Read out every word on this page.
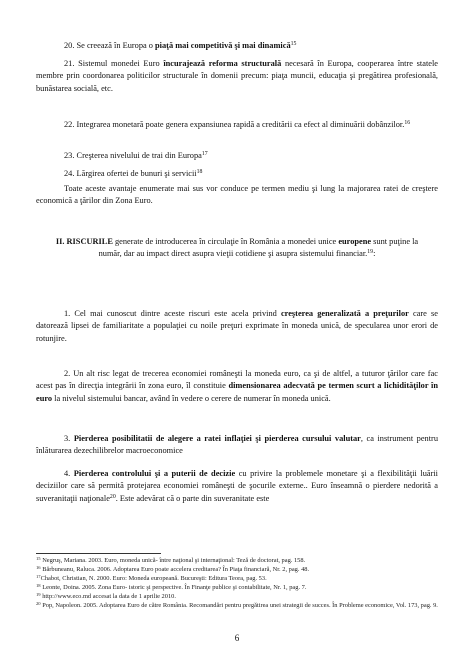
20. Se creează în Europa o piaţă mai competitivă şi mai dinamică$^{15}$
21. Sistemul monedei Euro încurajează reforma structurală necesară în Europa, cooperarea între statele membre prin coordonarea politicilor structurale în domenii precum: piaţa muncii, educaţia şi pregătirea profesională, bunăstarea socială, etc.
22. Integrarea monetară poate genera expansiunea rapidă a creditării ca efect al diminuării dobânzilor.$^{16}$
23. Creşterea nivelului de trai din Europa$^{17}$
24. Lărgirea ofertei de bunuri şi servicii$^{18}$
Toate aceste avantaje enumerate mai sus vor conduce pe termen mediu şi lung la majorarea ratei de creştere economică a ţărilor din Zona Euro.
II. RISCURILE generate de introducerea în circulaţie în România a monedei unice europene sunt puţine la număr, dar au impact direct asupra vieţii cotidiene şi asupra sistemului financiar.$^{19}$:
1. Cel mai cunoscut dintre aceste riscuri este acela privind creşterea generalizată a preţurilor care se datorează lipsei de familiaritate a populaţiei cu noile preţuri exprimate în moneda unică, de specularea unor erori de rotunjire.
2. Un alt risc legat de trecerea economiei româneşti la moneda euro, ca şi de altfel, a tuturor ţărilor care fac acest pas în direcţia integrării în zona euro, îl constituie dimensionarea adecvată pe termen scurt a lichidităţilor în euro la nivelul sistemului bancar, având în vedere o cerere de numerar în moneda unică.
3. Pierderea posibilitatii de alegere a ratei inflaţiei şi pierderea cursului valutar, ca instrument pentru înlăturarea dezechilibrelor macroeconomice
4. Pierderea controlului şi a puterii de decizie cu privire la problemele monetare şi a flexibilităţii luării deciziilor care să permită protejarea economiei româneşti de şocurile externe.. Euro înseamnă o pierdere nedorită a suveranitaţii naţionale$^{20}$. Este adevărat că o parte din suveranitate este
$^{15}$ Negruş, Mariana. 2003. Euro, moneda unică- între naţional şi internaţional: Teză de doctorat, pag. 158.
$^{16}$ Bărbuneanu, Raluca. 2006. Adoptarea Euro poate accelera creditarea? În Piaţa financiară, Nr. 2, pag. 48.
$^{17}$Chabot, Christian, N. 2000. Euro: Moneda europeană. Bucureşti: Editura Teora, pag. 53.
$^{18}$ Leonte, Doina. 2005. Zona Euro- istoric şi perspective. În Finanţe publice şi contabilitate, Nr. 1, pag. 7.
$^{19}$ http://www.eco.md accesat la data de 1 aprilie 2010.
$^{20}$ Pop, Napoleon. 2005. Adoptarea Euro de către România. Recomandări pentru pregătirea unei strategii de succes. În Probleme economice, Vol. 173, pag. 9.
6
